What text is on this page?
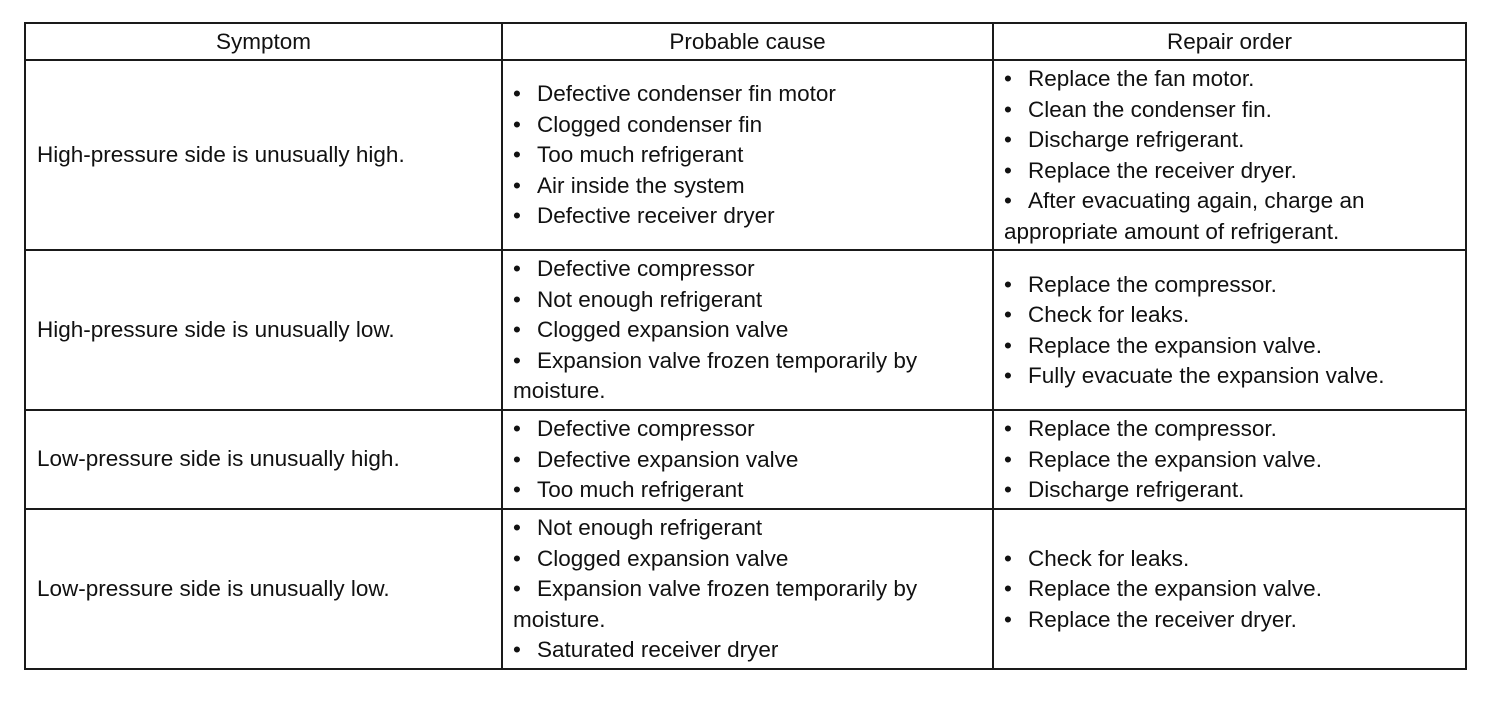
Symptom	Probable cause	Repair order
High-pressure side is unusually high.	• Defective condenser fin motor
• Clogged condenser fin
• Too much refrigerant
• Air inside the system
• Defective receiver dryer	• Replace the fan motor.
• Clean the condenser fin.
• Discharge refrigerant.
• Replace the receiver dryer.
• After evacuating again, charge an appropriate amount of refrigerant.

High-pressure side is unusually low.	• Defective compressor
• Not enough refrigerant
• Clogged expansion valve
• Expansion valve frozen temporarily by moisture.	• Replace the compressor.
• Check for leaks.
• Replace the expansion valve.
• Fully evacuate the expansion valve.

Low-pressure side is unusually high.	• Defective compressor
• Defective expansion valve
• Too much refrigerant	• Replace the compressor.
• Replace the expansion valve.
• Discharge refrigerant.

Low-pressure side is unusually low.	• Not enough refrigerant
• Clogged expansion valve
• Expansion valve frozen temporarily by moisture.
• Saturated receiver dryer	• Check for leaks.
• Replace the expansion valve.
• Replace the receiver dryer.
